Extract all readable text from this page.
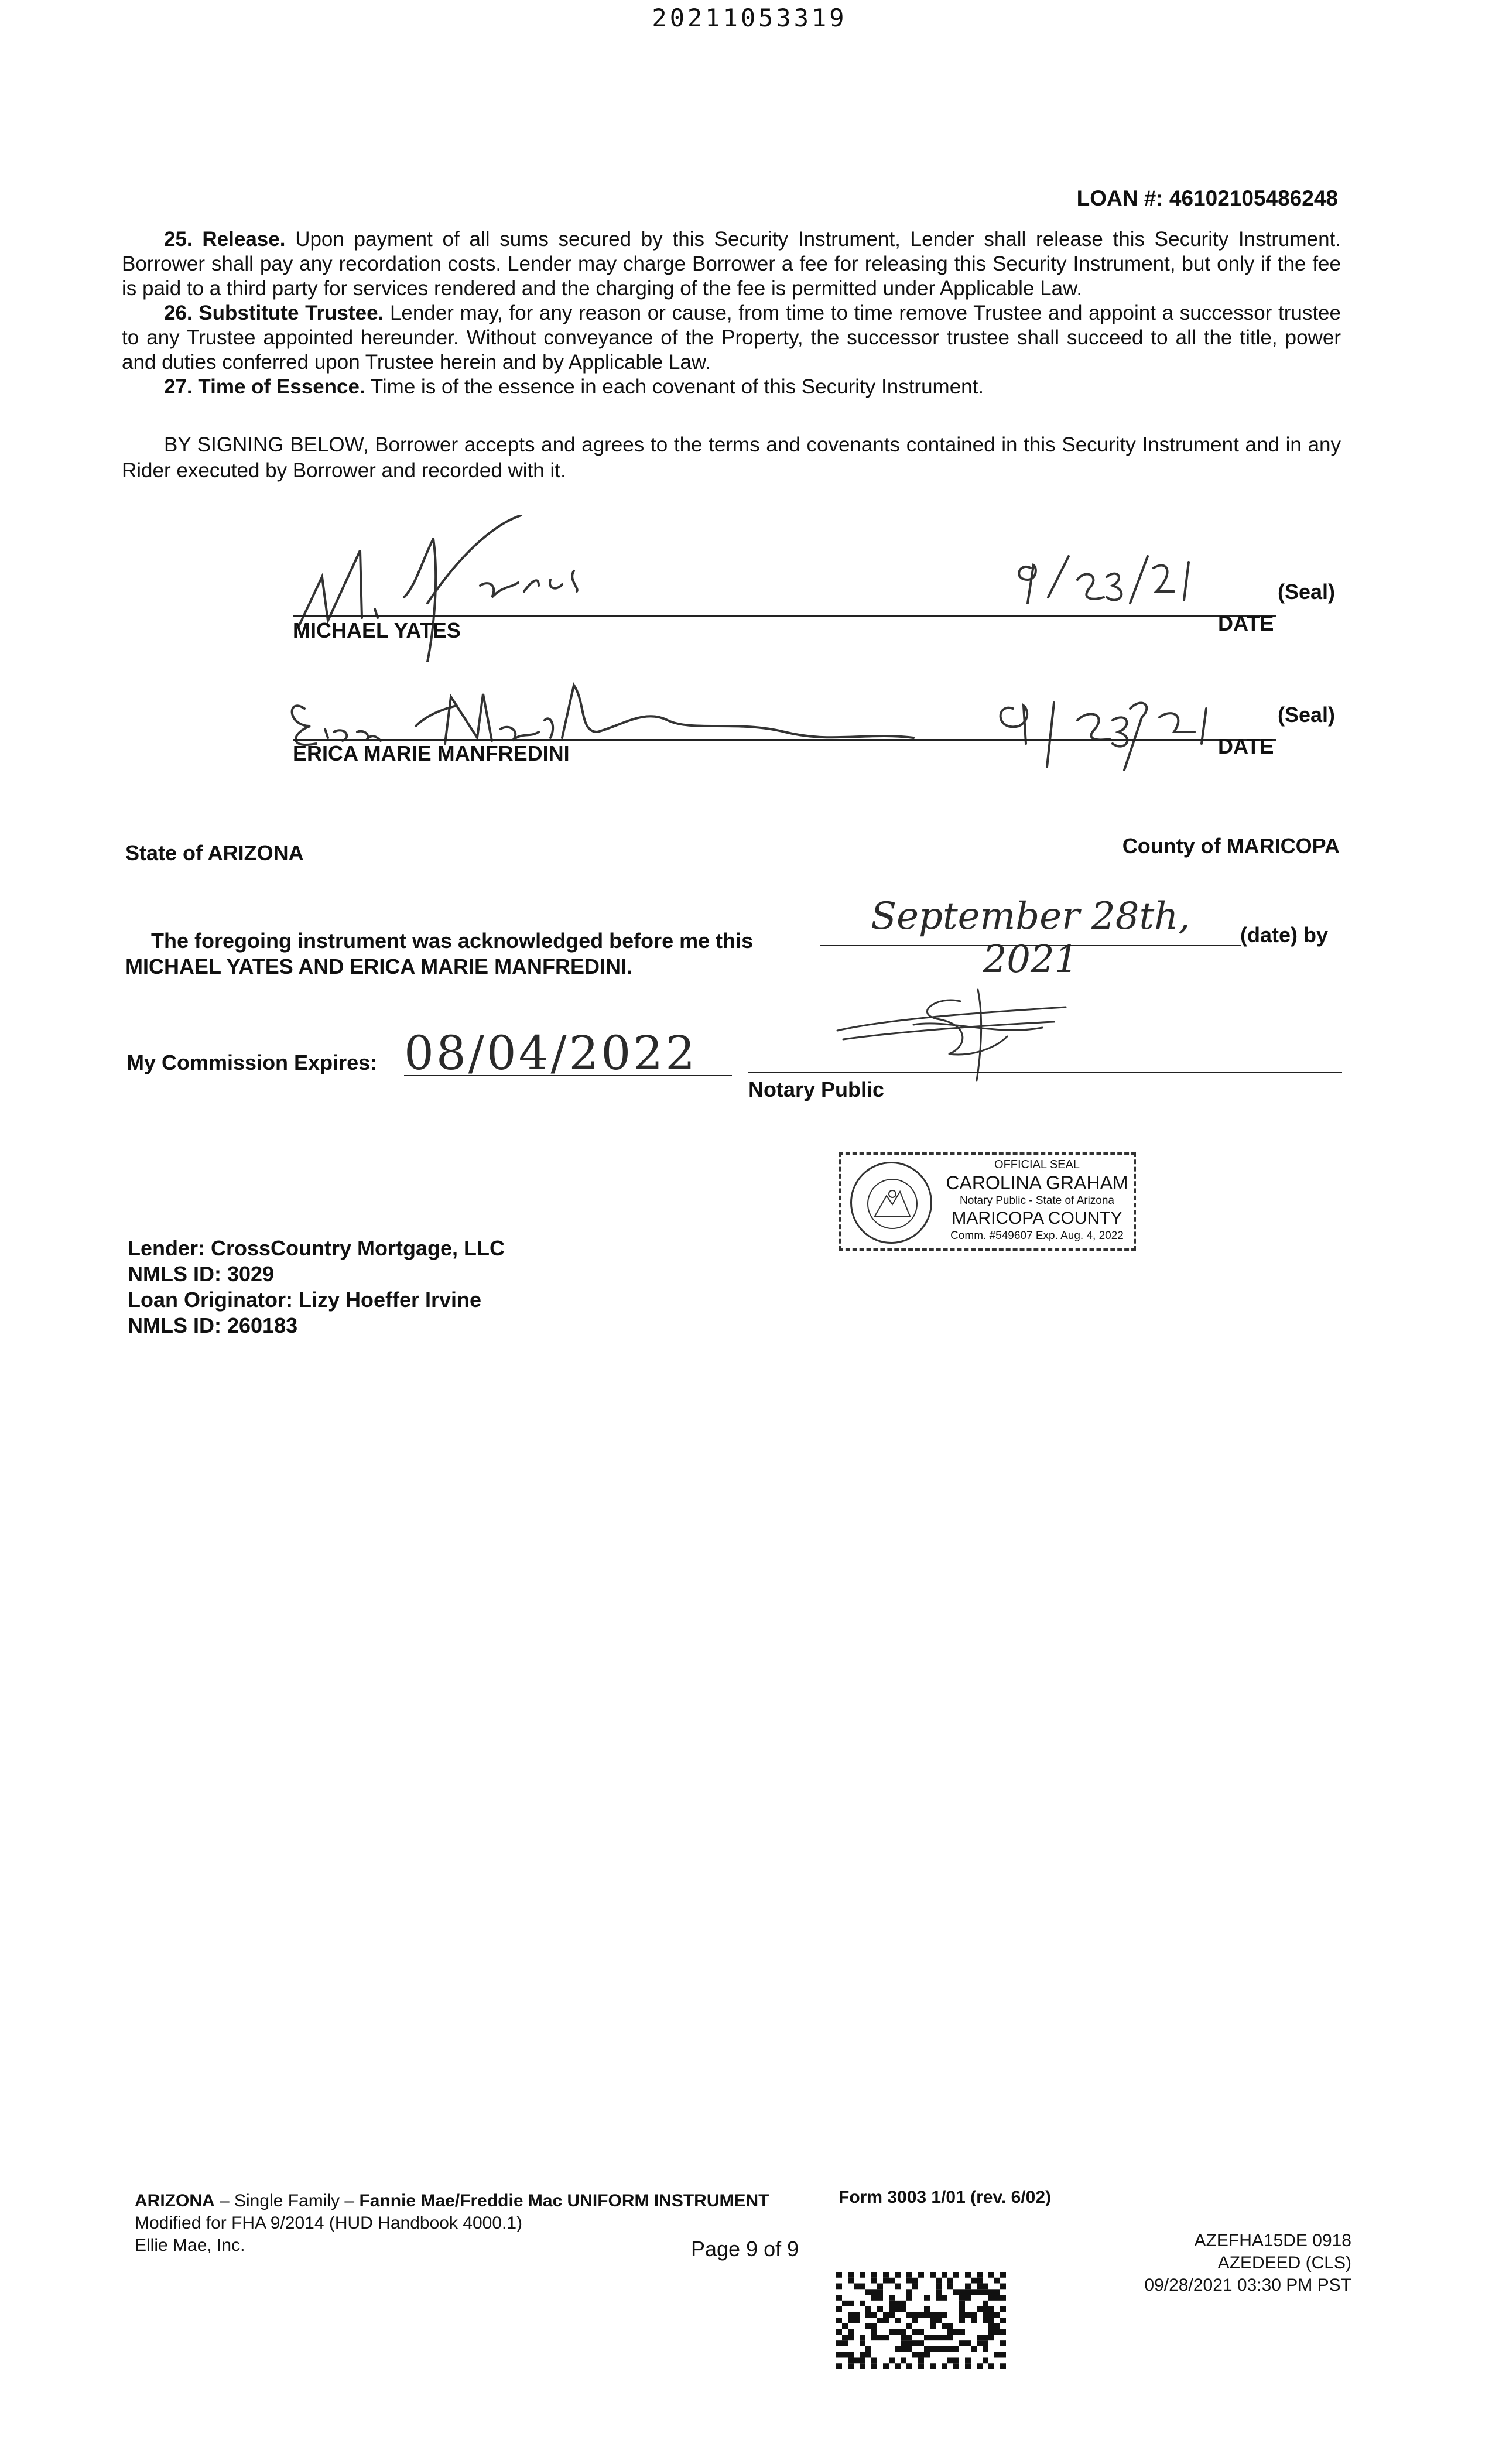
20211053319
LOAN #: 46102105486248

25. Release. Upon payment of all sums secured by this Security Instrument, Lender shall release this Security Instrument. Borrower shall pay any recordation costs. Lender may charge Borrower a fee for releasing this Security Instrument, but only if the fee is paid to a third party for services rendered and the charging of the fee is permitted under Applicable Law.

26. Substitute Trustee. Lender may, for any reason or cause, from time to time remove Trustee and appoint a successor trustee to any Trustee appointed hereunder. Without conveyance of the Property, the successor trustee shall succeed to all the title, power and duties conferred upon Trustee herein and by Applicable Law.

27. Time of Essence. Time is of the essence in each covenant of this Security Instrument.

BY SIGNING BELOW, Borrower accepts and agrees to the terms and covenants contained in this Security Instrument and in any Rider executed by Borrower and recorded with it.

MICHAEL YATES	DATE
(Seal)
ERICA MARIE MANFREDINI	DATE
(Seal)
State of ARIZONA	County of MARICOPA
The foregoing instrument was acknowledged before me this
September 28th, 2021
(date) by
MICHAEL YATES AND ERICA MARIE MANFREDINI.
My Commission Expires: 08/04/2022
Notary Public
OFFICIAL SEAL
CAROLINA GRAHAM
Notary Public - State of Arizona
MARICOPA COUNTY
Comm. #549607 Exp. Aug. 4, 2022
Lender: CrossCountry Mortgage, LLC
NMLS ID: 3029
Loan Originator: Lizy Hoeffer Irvine
NMLS ID: 260183
ARIZONA – Single Family – Fannie Mae/Freddie Mac UNIFORM INSTRUMENT
Modified for FHA 9/2014 (HUD Handbook 4000.1)
Ellie Mae, Inc.
Form 3003 1/01 (rev. 6/02)
Page 9 of 9	AZEFHA15DE 0918
AZEDEED (CLS)
09/28/2021 03:30 PM PST
